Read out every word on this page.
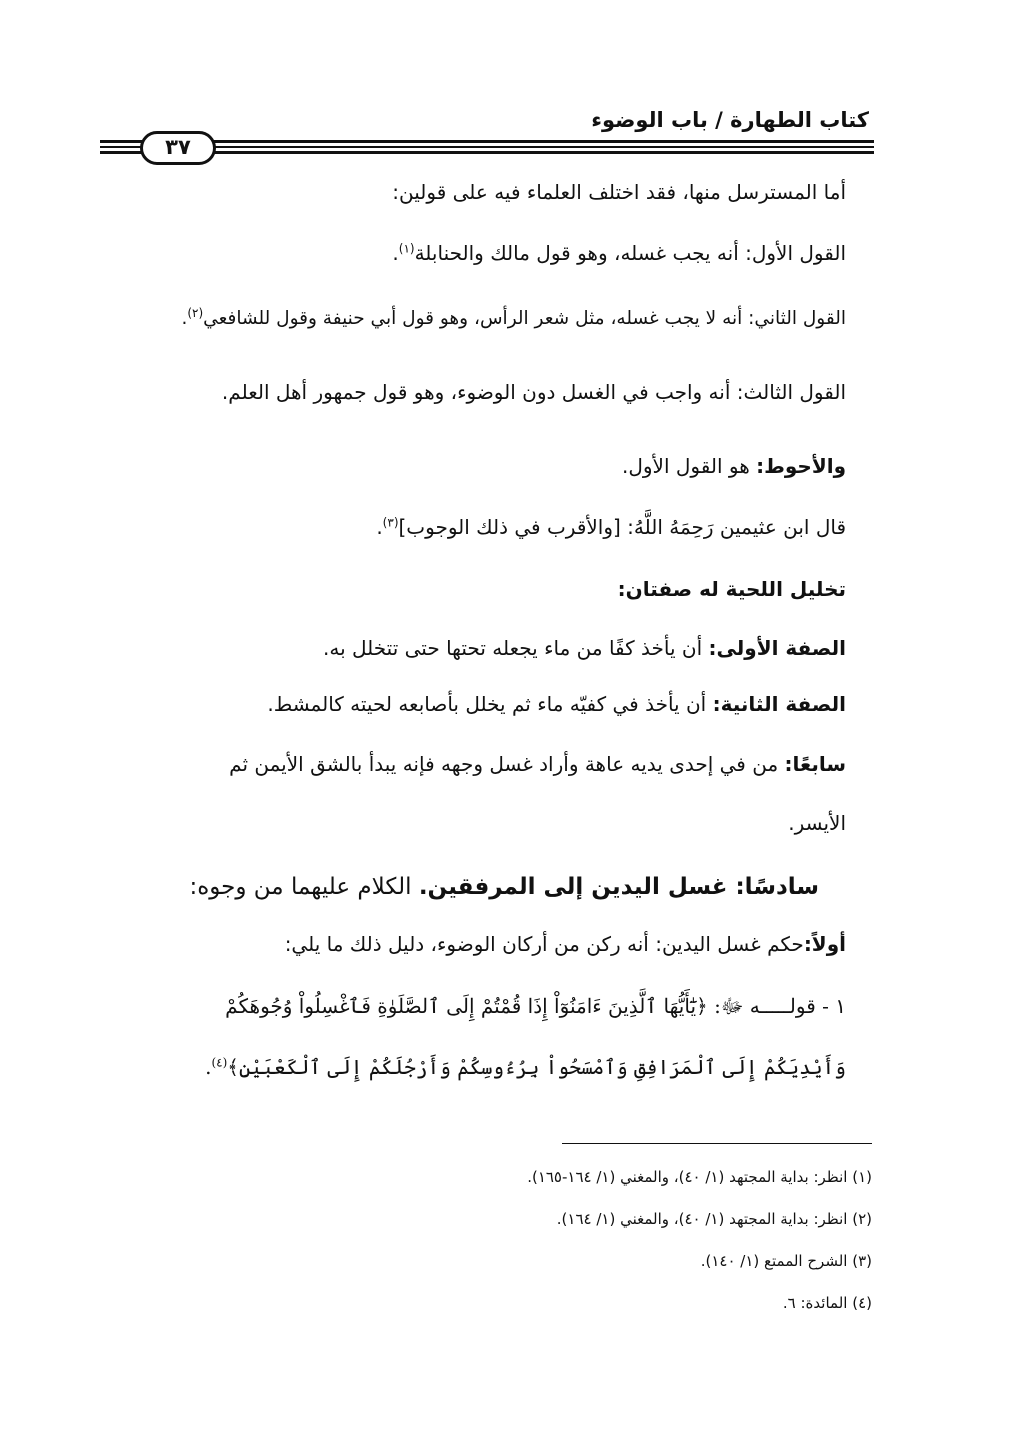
كتاب الطهارة / باب الوضوء
٣٧
أما المسترسل منها، فقد اختلف العلماء فيه على قولين:
القول الأول: أنه يجب غسله، وهو قول مالك والحنابلة$^{(١)}$.
القول الثاني: أنه لا يجب غسله، مثل شعر الرأس، وهو قول أبي حنيفة وقول للشافعي$^{(٢)}$.
القول الثالث: أنه واجب في الغسل دون الوضوء، وهو قول جمهور أهل العلم.
والأحوط: هو القول الأول.
قال ابن عثيمين رَحِمَهُ اللَّهُ: [والأقرب في ذلك الوجوب]$^{(٣)}$.
تخليل اللحية له صفتان:
الصفة الأولى: أن يأخذ كفًا من ماء يجعله تحتها حتى تتخلل به.
الصفة الثانية: أن يأخذ في كفيّه ماء ثم يخلل بأصابعه لحيته كالمشط.
سابعًا: من في إحدى يديه عاهة وأراد غسل وجهه فإنه يبدأ بالشق الأيمن ثم
الأيسر.
سادسًا: غسل اليدين إلى المرفقين. الكلام عليهما من وجوه:
أولاً:حكم غسل اليدين: أنه ركن من أركان الوضوء، دليل ذلك ما يلي:
١ - قولـــــه ﷻ: ﴿يَٰٓأَيُّهَا ٱلَّذِينَ ءَامَنُوٓاْ إِذَا قُمْتُمْ إِلَى ٱلصَّلَوٰةِ فَٱغْسِلُواْ وُجُوهَكُمْ
وَأَيْدِيَكُمْ إِلَى ٱلْمَرَافِقِ وَٱمْسَحُواْ بِرُءُوسِكُمْ وَأَرْجُلَكُمْ إِلَى ٱلْكَعْبَيْنِ﴾$^{(٤)}$.
(١) انظر: بداية المجتهد (١/ ٤٠)، والمغني (١/ ١٦٤-١٦٥).
(٢) انظر: بداية المجتهد (١/ ٤٠)، والمغني (١/ ١٦٤).
(٣) الشرح الممتع (١/ ١٤٠).
(٤) المائدة: ٦.
